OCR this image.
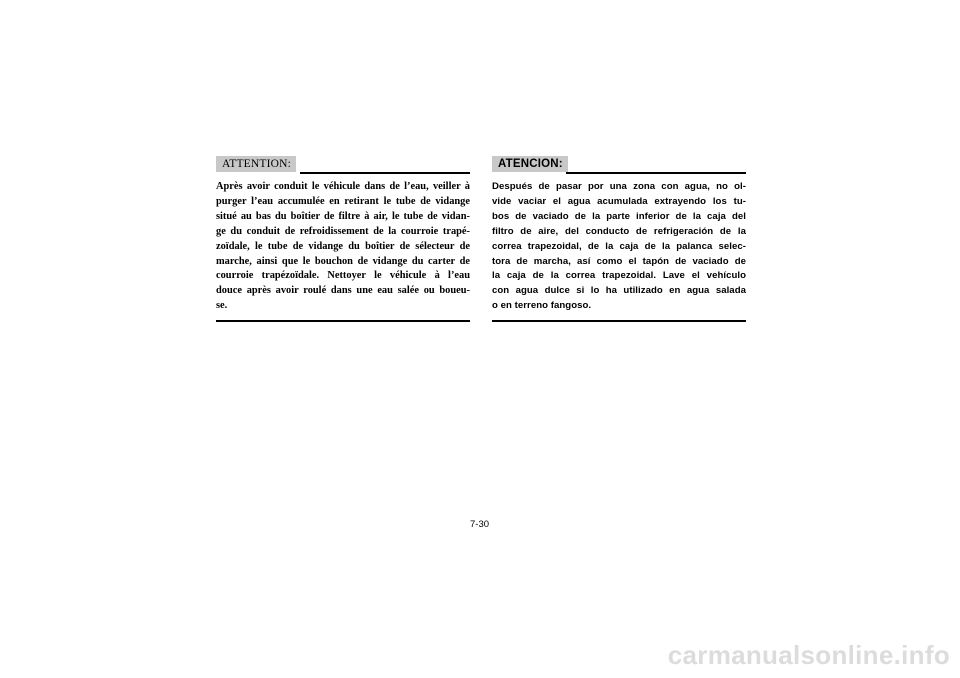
ATTENTION:
Après avoir conduit le véhicule dans de l’eau, veiller à
purger l’eau accumulée en retirant le tube de vidange
situé au bas du boîtier de filtre à air, le tube de vidan-
ge du conduit de refroidissement de la courroie trapé-
zoïdale, le tube de vidange du boîtier de sélecteur de
marche, ainsi que le bouchon de vidange du carter de
courroie trapézoïdale. Nettoyer le véhicule à l’eau
douce après avoir roulé dans une eau salée ou boueu-
se.
ATENCION:
Después de pasar por una zona con agua, no ol-
vide vaciar el agua acumulada extrayendo los tu-
bos de vaciado de la parte inferior de la caja del
filtro de aire, del conducto de refrigeración de la
correa trapezoidal, de la caja de la palanca selec-
tora de marcha, así como el tapón de vaciado de
la caja de la correa trapezoidal. Lave el vehículo
con agua dulce si lo ha utilizado en agua salada
o en terreno fangoso.
7-30
carmanualsonline.info
